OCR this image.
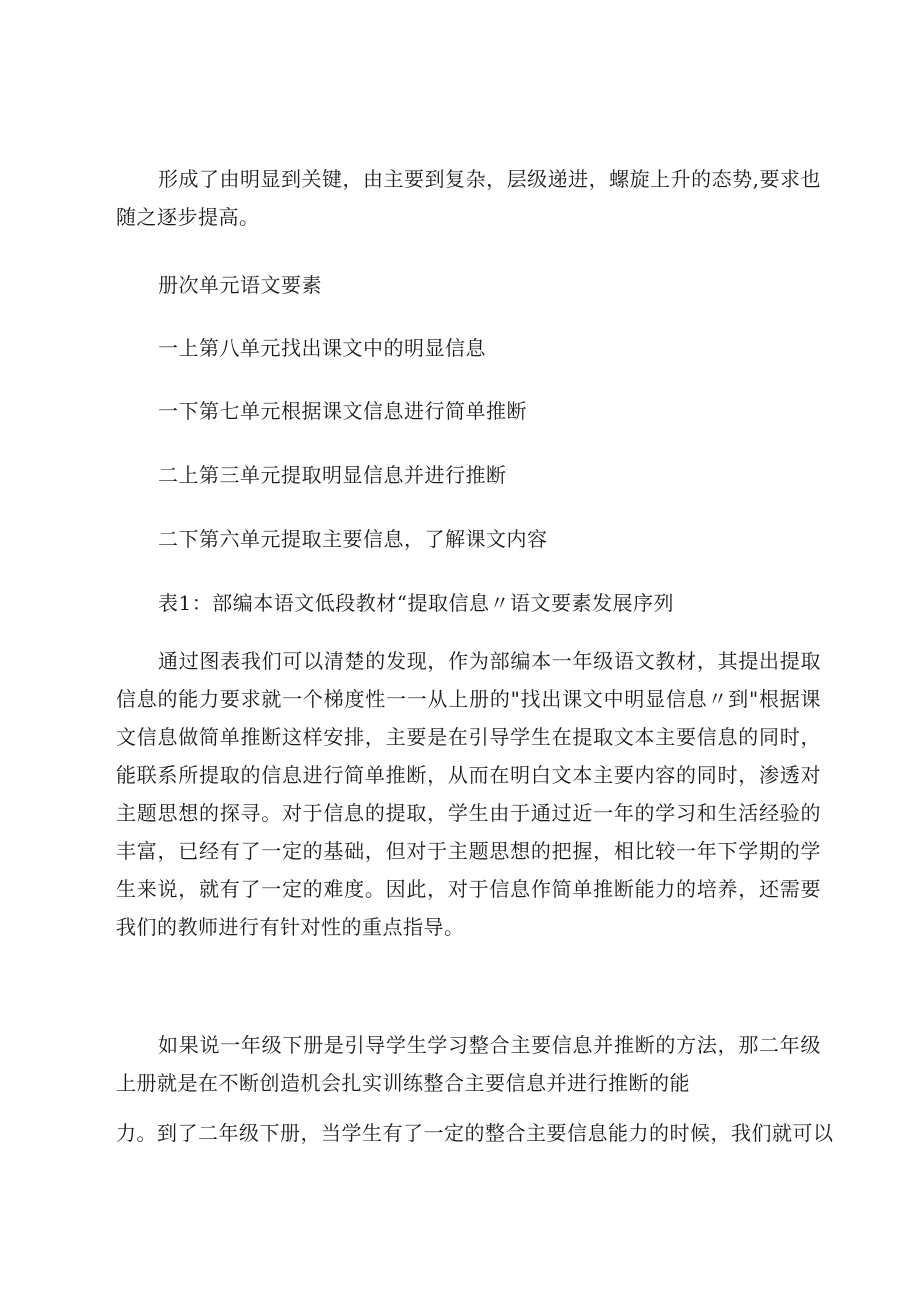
形成了由明显到关键，由主要到复杂，层级递进，螺旋上升的态势,要求也随之逐步提高。

册次单元语文要素

一上第八单元找出课文中的明显信息

一下第七单元根据课文信息进行简单推断

二上第三单元提取明显信息并进行推断

二下第六单元提取主要信息，了解课文内容

表1：部编本语文低段教材“提取信息〃语文要素发展序列

通过图表我们可以清楚的发现，作为部编本一年级语文教材，其提出提取信息的能力要求就一个梯度性一一从上册的"找出课文中明显信息〃到"根据课文信息做简单推断这样安排，主要是在引导学生在提取文本主要信息的同时，能联系所提取的信息进行简单推断，从而在明白文本主要内容的同时，渗透对主题思想的探寻。对于信息的提取，学生由于通过近一年的学习和生活经验的丰富，已经有了一定的基础，但对于主题思想的把握，相比较一年下学期的学生来说，就有了一定的难度。因此，对于信息作简单推断能力的培养，还需要我们的教师进行有针对性的重点指导。

如果说一年级下册是引导学生学习整合主要信息并推断的方法，那二年级上册就是在不断创造机会扎实训练整合主要信息并进行推断的能

力。到了二年级下册，当学生有了一定的整合主要信息能力的时候，我们就可以
